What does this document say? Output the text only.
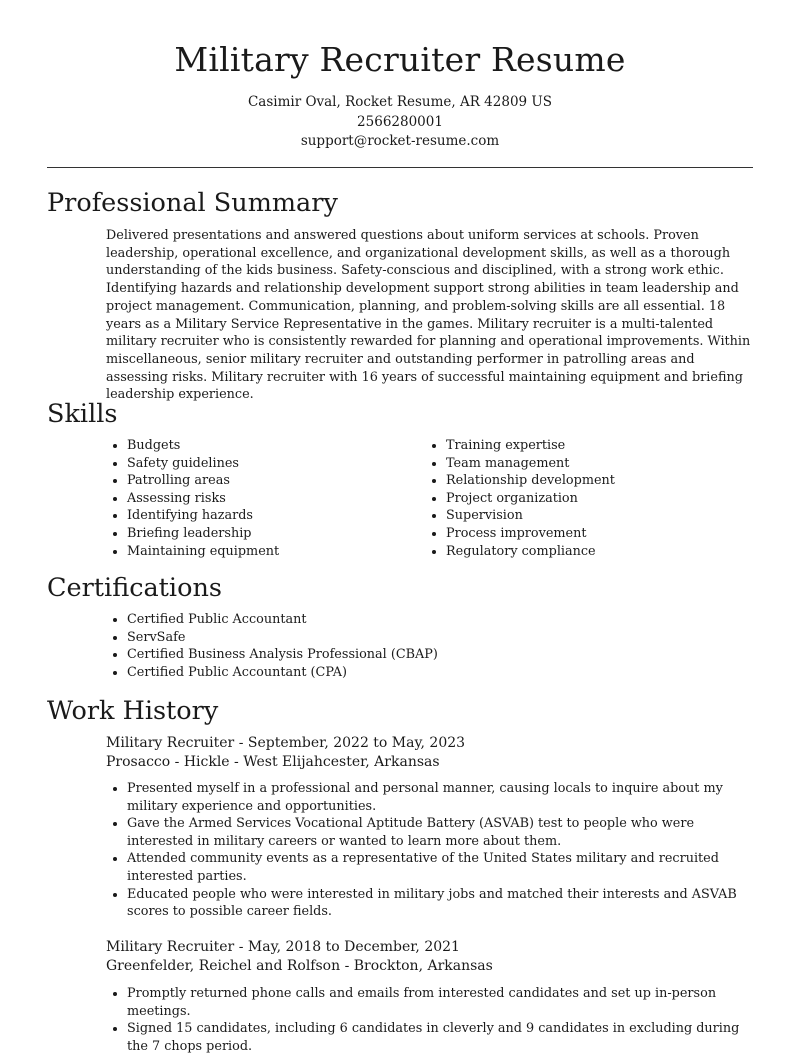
Military Recruiter Resume
Casimir Oval, Rocket Resume, AR 42809 US
2566280001
support@rocket-resume.com
Professional Summary

Delivered presentations and answered questions about uniform services at schools. Proven leadership, operational excellence, and organizational development skills, as well as a thorough understanding of the kids business. Safety-conscious and disciplined, with a strong work ethic. Identifying hazards and relationship development support strong abilities in team leadership and project management. Communication, planning, and problem-solving skills are all essential. 18 years as a Military Service Representative in the games. Military recruiter is a multi-talented military recruiter who is consistently rewarded for planning and operational improvements. Within miscellaneous, senior military recruiter and outstanding performer in patrolling areas and assessing risks. Military recruiter with 16 years of successful maintaining equipment and briefing leadership experience.

Skills
• Budgets
• Safety guidelines
• Patrolling areas
• Assessing risks
• Identifying hazards
• Briefing leadership
• Maintaining equipment
• Training expertise
• Team management
• Relationship development
• Project organization
• Supervision
• Process improvement
• Regulatory compliance
Certifications
• Certified Public Accountant
• ServSafe
• Certified Business Analysis Professional (CBAP)
• Certified Public Accountant (CPA)
Work History
Military Recruiter - September, 2022 to May, 2023
Prosacco - Hickle - West Elijahcester, Arkansas
• Presented myself in a professional and personal manner, causing locals to inquire about my military experience and opportunities.
• Gave the Armed Services Vocational Aptitude Battery (ASVAB) test to people who were interested in military careers or wanted to learn more about them.
• Attended community events as a representative of the United States military and recruited interested parties.
• Educated people who were interested in military jobs and matched their interests and ASVAB scores to possible career fields.
Military Recruiter - May, 2018 to December, 2021
Greenfelder, Reichel and Rolfson - Brockton, Arkansas
• Promptly returned phone calls and emails from interested candidates and set up in-person meetings.
• Signed 15 candidates, including 6 candidates in cleverly and 9 candidates in excluding during the 7 chops period.
